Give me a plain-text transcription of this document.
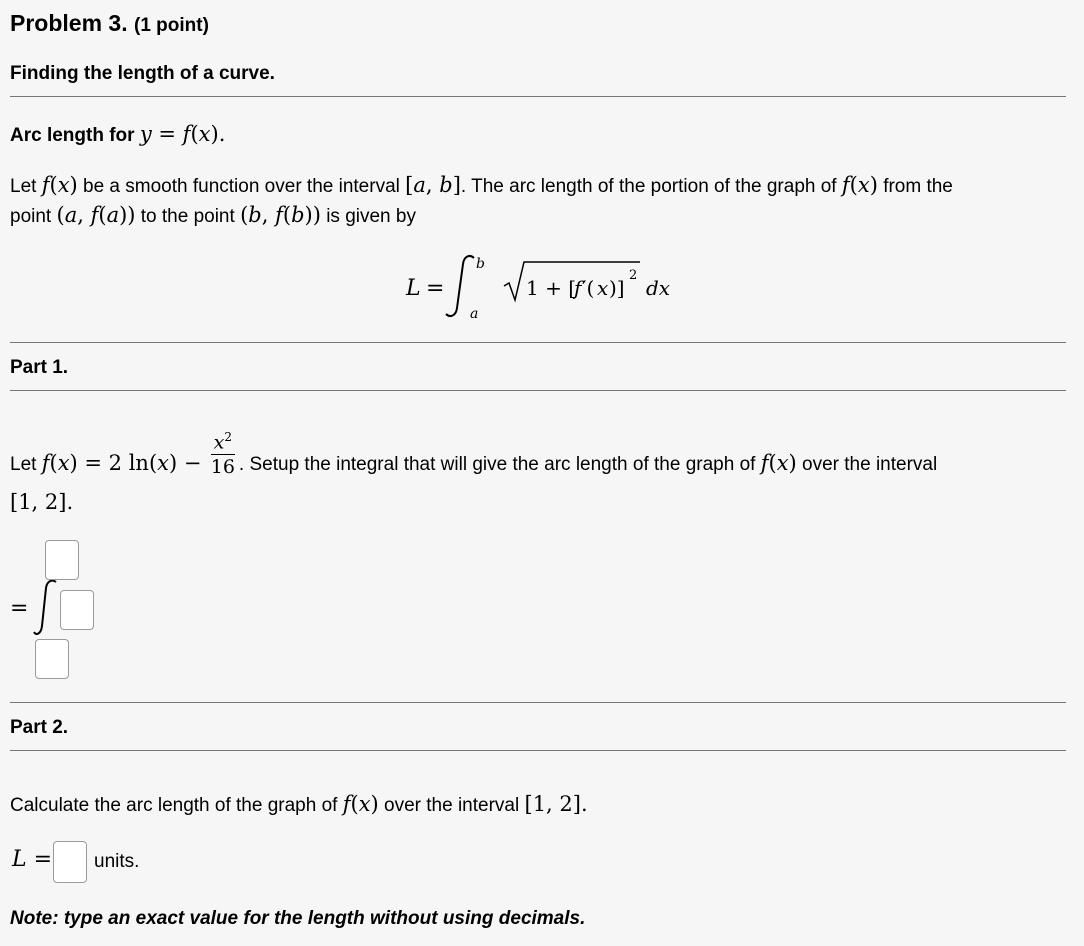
Problem 3. (1 point)
Finding the length of a curve.
Arc length for y = f(x).
Let f(x) be a smooth function over the interval [a, b]. The arc length of the portion of the graph of f(x) from the
point (a, f(a)) to the point (b, f(b)) is given by
L =
b
a
1 + [
f ′( x )]
2
dx
Part 1.
Let f(x) = 2 $\ln(x) - \frac{x^2}{16}$ . Setup the integral that will give the arc length of the graph of f(x) over the interval
[1, 2].
=
Part 2.
Calculate the arc length of the graph of f(x) over the interval [1, 2].
L = units.
Note: type an exact value for the length without using decimals.
